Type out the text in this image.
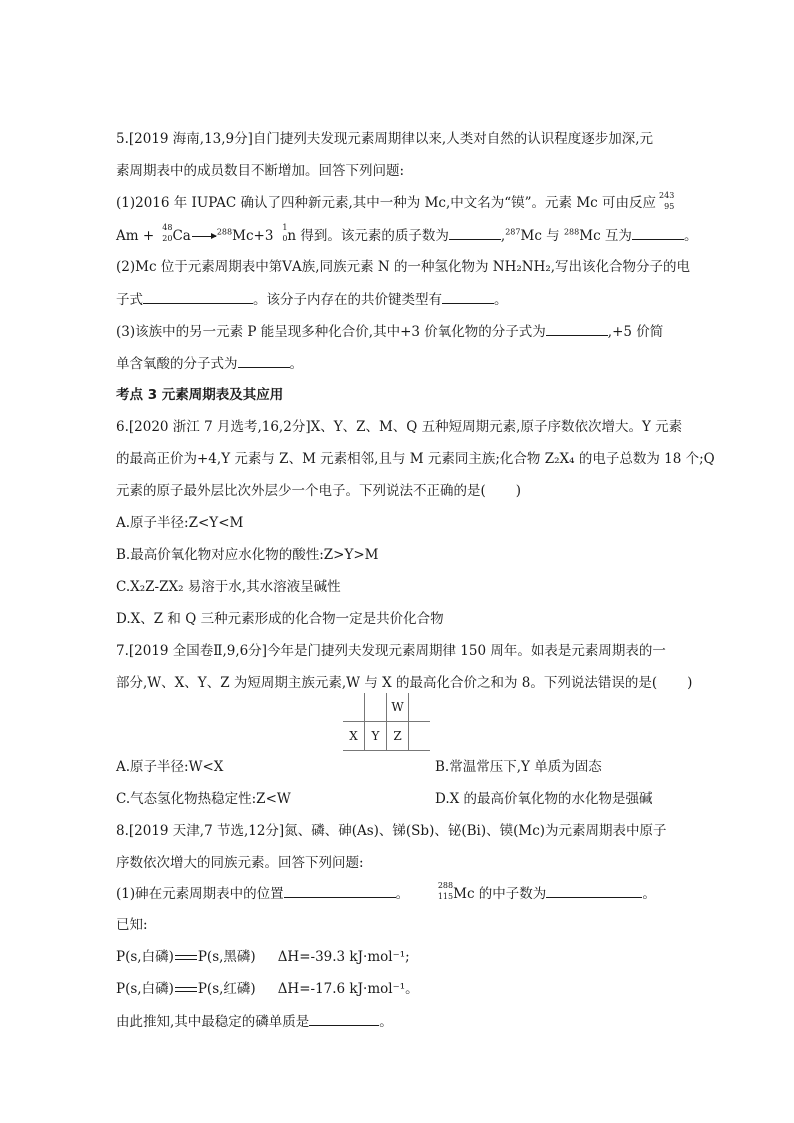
5.[2019 海南,13,9分]自门捷列夫发现元素周期律以来,人类对自然的认识程度逐步加深,元
素周期表中的成员数目不断增加。回答下列问题:
(1)2016 年 IUPAC 确认了四种新元素,其中一种为 Mc,中文名为“镆”。元素 Mc 可由反应
243
95
Am +
48
20 Ca→$^{288}$Mc+3
1
0 n 得到。该元素的质子数为	,$^{287}$Mc 与 $^{288}$Mc 互为	。
(2)Mc 位于元素周期表中第ⅤA族,同族元素 N 的一种氢化物为 NH₂NH₂,写出该化合物分子的电
子式	。该分子内存在的共价键类型有	。
(3)该族中的另一元素 P 能呈现多种化合价,其中+3 价氧化物的分子式为	,+5 价简
单含氧酸的分子式为	。
考点 3 元素周期表及其应用
6.[2020 浙江 7 月选考,16,2分]X、Y、Z、M、Q 五种短周期元素,原子序数依次增大。Y 元素
的最高正价为+4,Y 元素与 Z、M 元素相邻,且与 M 元素同主族;化合物 Z₂X₄ 的电子总数为 18 个;Q
元素的原子最外层比次外层少一个电子。下列说法不正确的是( )
A.原子半径:Z<Y<M
B.最高价氧化物对应水化物的酸性:Z>Y>M
C.X₂Z-ZX₂ 易溶于水,其水溶液呈碱性
D.X、Z 和 Q 三种元素形成的化合物一定是共价化合物
7.[2019 全国卷Ⅱ,9,6分]今年是门捷列夫发现元素周期律 150 周年。如表是元素周期表的一
部分,W、X、Y、Z 为短周期主族元素,W 与 X 的最高化合价之和为 8。下列说法错误的是( )
		W	
X	Y	Z	
A.原子半径:W<X	B.常温常压下,Y 单质为固态
C.气态氢化物热稳定性:Z<W	D.X 的最高价氧化物的水化物是强碱
8.[2019 天津,7 节选,12分]氮、磷、砷(As)、锑(Sb)、铋(Bi)、镆(Mc)为元素周期表中原子
序数依次增大的同族元素。回答下列问题:
(1)砷在元素周期表中的位置	。
288
115 Mc 的中子数为	。
已知:
P(s,白磷) P(s,黑磷) ΔH=-39.3 kJ·mol⁻¹;
P(s,白磷) P(s,红磷) ΔH=-17.6 kJ·mol⁻¹。
由此推知,其中最稳定的磷单质是	。
